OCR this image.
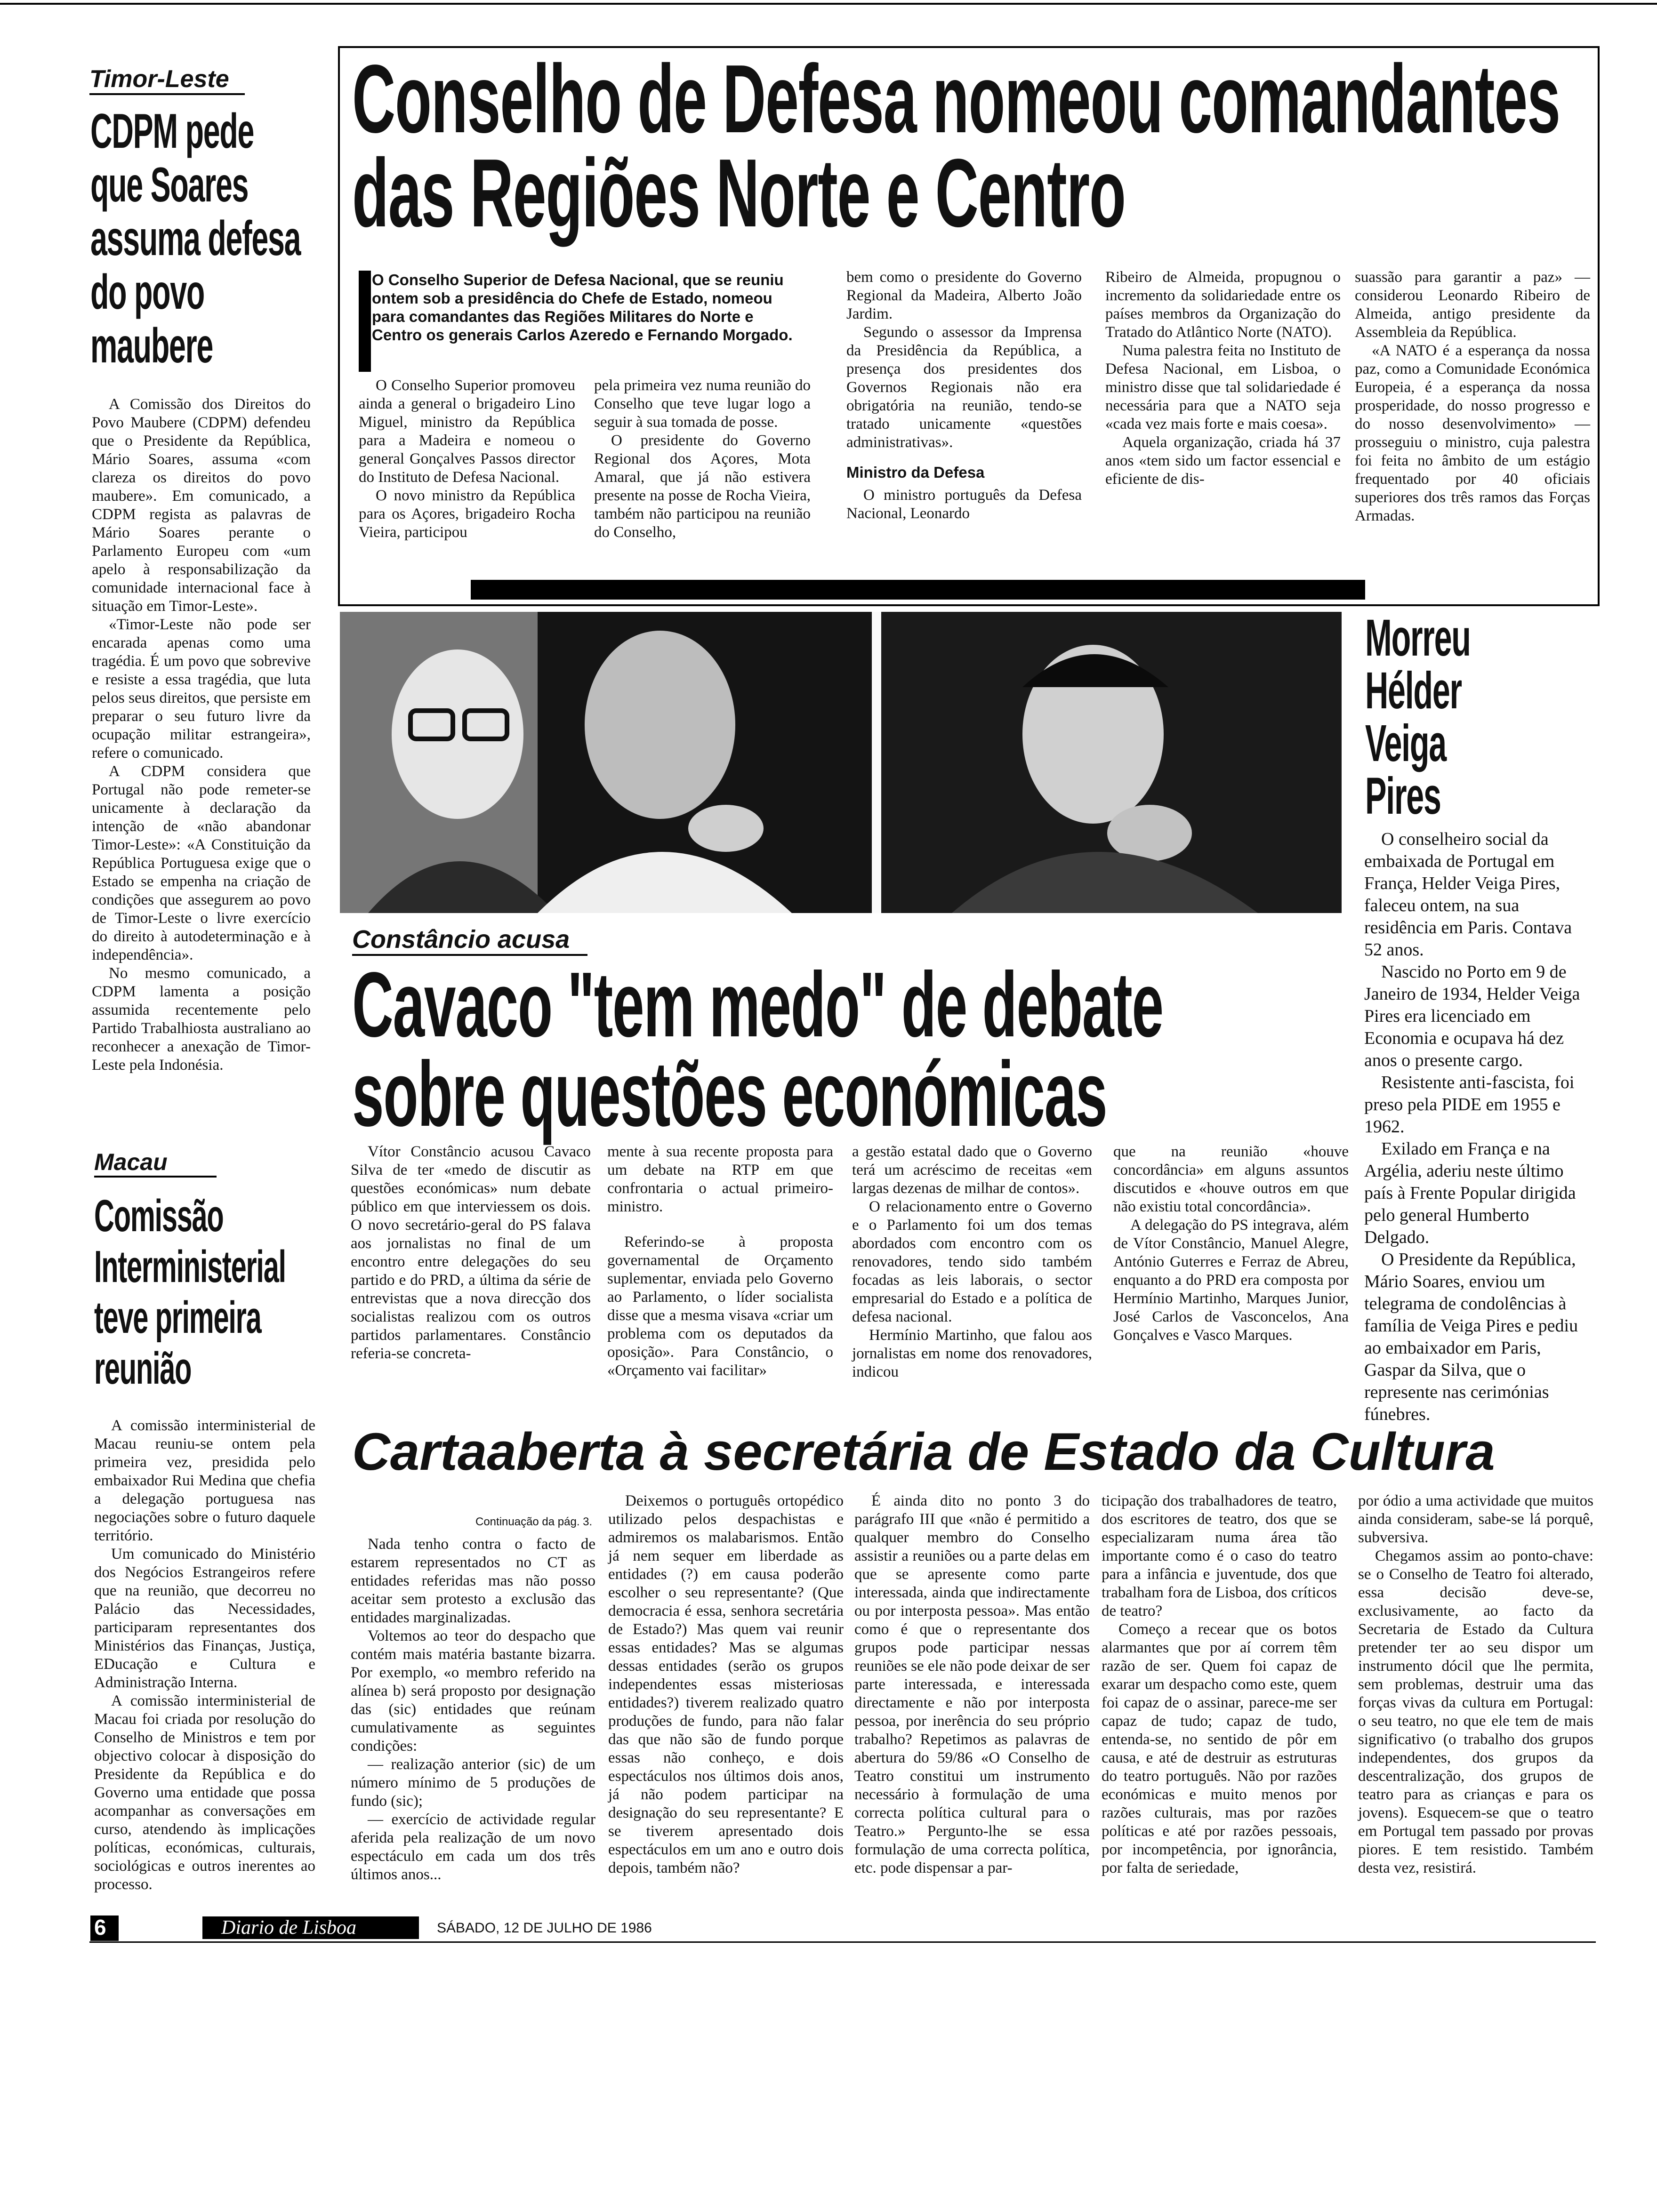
Timor-Leste
CDPM pede
que Soares
assuma defesa
do povo
maubere

A Comissão dos Direitos do Povo Maubere (CDPM) defendeu que o Presidente da República, Mário Soares, assuma «com clareza os direitos do povo maubere». Em comunicado, a CDPM regista as palavras de Mário Soares perante o Parlamento Europeu com «um apelo à responsabilização da comunidade internacional face à situação em Timor-Leste».

«Timor-Leste não pode ser encarada apenas como uma tragédia. É um povo que sobrevive e resiste a essa tragédia, que luta pelos seus direitos, que persiste em preparar o seu futuro livre da ocupação militar estrangeira», refere o comunicado.

A CDPM considera que Portugal não pode remeter-se unicamente à declaração da intenção de «não abandonar Timor-Leste»: «A Constituição da República Portuguesa exige que o Estado se empenha na criação de condições que assegurem ao povo de Timor-Leste o livre exercício do direito à autodeterminação e à independência».

No mesmo comunicado, a CDPM lamenta a posição assumida recentemente pelo Partido Trabalhiosta australiano ao reconhecer a anexação de Timor-Leste pela Indonésia.

Macau
Comissão
Interministerial
teve primeira
reunião

A comissão interministerial de Macau reuniu-se ontem pela primeira vez, presidida pelo embaixador Rui Medina que chefia a delegação portuguesa nas negociações sobre o futuro daquele território.

Um comunicado do Ministério dos Negócios Estrangeiros refere que na reunião, que decorreu no Palácio das Necessidades, participaram representantes dos Ministérios das Finanças, Justiça, EDucação e Cultura e Administração Interna.

A comissão interministerial de Macau foi criada por resolução do Conselho de Ministros e tem por objectivo colocar à disposição do Presidente da República e do Governo uma entidade que possa acompanhar as conversações em curso, atendendo às implicações políticas, económicas, culturais, sociológicas e outros inerentes ao processo.

Conselho de Defesa nomeou comandantes
das Regiões Norte e Centro
O Conselho Superior de Defesa Nacional, que se reuniu ontem sob a presidência do Chefe de Estado, nomeou para comandantes das Regiões Militares do Norte e Centro os generais Carlos Azeredo e Fernando Morgado.

O Conselho Superior promoveu ainda a general o brigadeiro Lino Miguel, ministro da República para a Madeira e nomeou o general Gonçalves Passos director do Instituto de Defesa Nacional.

O novo ministro da República para os Açores, brigadeiro Rocha Vieira, participou

pela primeira vez numa reunião do Conselho que teve lugar logo a seguir à sua tomada de posse.

O presidente do Governo Regional dos Açores, Mota Amaral, que já não estivera presente na posse de Rocha Vieira, também não participou na reunião do Conselho,

bem como o presidente do Governo Regional da Madeira, Alberto João Jardim.

Segundo o assessor da Imprensa da Presidência da República, a presença dos presidentes dos Governos Regionais não era obrigatória na reunião, tendo-se tratado unicamente «questões administrativas».

Ministro da Defesa

O ministro português da Defesa Nacional, Leonardo

Ribeiro de Almeida, propugnou o incremento da solidariedade entre os países membros da Organização do Tratado do Atlântico Norte (NATO).

Numa palestra feita no Instituto de Defesa Nacional, em Lisboa, o ministro disse que tal solidariedade é necessária para que a NATO seja «cada vez mais forte e mais coesa».

Aquela organização, criada há 37 anos «tem sido um factor essencial e eficiente de dis-

suassão para garantir a paz» — considerou Leonardo Ribeiro de Almeida, antigo presidente da Assembleia da República.

«A NATO é a esperança da nossa paz, como a Comunidade Económica Europeia, é a esperança da nossa prosperidade, do nosso progresso e do nosso desenvolvimento» — prosseguiu o ministro, cuja palestra foi feita no âmbito de um estágio frequentado por 40 oficiais superiores dos três ramos das Forças Armadas.

Morreu
Hélder
Veiga
Pires

O conselheiro social da embaixada de Portugal em França, Helder Veiga Pires, faleceu ontem, na sua residência em Paris. Contava 52 anos.

Nascido no Porto em 9 de Janeiro de 1934, Helder Veiga Pires era licenciado em Economia e ocupava há dez anos o presente cargo.

Resistente anti-fascista, foi preso pela PIDE em 1955 e 1962.

Exilado em França e na Argélia, aderiu neste último país à Frente Popular dirigida pelo general Humberto Delgado.

O Presidente da República, Mário Soares, enviou um telegrama de condolências à família de Veiga Pires e pediu ao embaixador em Paris, Gaspar da Silva, que o represente nas cerimónias fúnebres.

Constâncio acusa
Cavaco "tem medo" de debate
sobre questões económicas

Vítor Constâncio acusou Cavaco Silva de ter «medo de discutir as questões económicas» num debate público em que interviessem os dois. O novo secretário-geral do PS falava aos jornalistas no final de um encontro entre delegações do seu partido e do PRD, a última da série de entrevistas que a nova direcção dos socialistas realizou com os outros partidos parlamentares. Constâncio referia-se concreta-

mente à sua recente proposta para um debate na RTP em que confrontaria o actual primeiro-ministro.

Referindo-se à proposta governamental de Orçamento suplementar, enviada pelo Governo ao Parlamento, o líder socialista disse que a mesma visava «criar um problema com os deputados da oposição». Para Constâncio, o «Orçamento vai facilitar»

a gestão estatal dado que o Governo terá um acréscimo de receitas «em largas dezenas de milhar de contos».

O relacionamento entre o Governo e o Parlamento foi um dos temas abordados com encontro com os renovadores, tendo sido também focadas as leis laborais, o sector empresarial do Estado e a política de defesa nacional.

Hermínio Martinho, que falou aos jornalistas em nome dos renovadores, indicou

que na reunião «houve concordância» em alguns assuntos discutidos e «houve outros em que não existiu total concordância».

A delegação do PS integrava, além de Vítor Constâncio, Manuel Alegre, António Guterres e Ferraz de Abreu, enquanto a do PRD era composta por Hermínio Martinho, Marques Junior, José Carlos de Vasconcelos, Ana Gonçalves e Vasco Marques.

Cartaaberta à secretária de Estado da Cultura
Continuação da pág. 3.

Nada tenho contra o facto de estarem representados no CT as entidades referidas mas não posso aceitar sem protesto a exclusão das entidades marginalizadas.

Voltemos ao teor do despacho que contém mais matéria bastante bizarra. Por exemplo, «o membro referido na alínea b) será proposto por designação das (sic) entidades que reúnam cumulativamente as seguintes condições:

— realização anterior (sic) de um número mínimo de 5 produções de fundo (sic);

— exercício de actividade regular aferida pela realização de um novo espectáculo em cada um dos três últimos anos...

Deixemos o português ortopédico utilizado pelos despachistas e admiremos os malabarismos. Então já nem sequer em liberdade as entidades (?) em causa poderão escolher o seu representante? (Que democracia é essa, senhora secretária de Estado?) Mas quem vai reunir essas entidades? Mas se algumas dessas entidades (serão os grupos independentes essas misteriosas entidades?) tiverem realizado quatro produções de fundo, para não falar das que não são de fundo porque essas não conheço, e dois espectáculos nos últimos dois anos, já não podem participar na designação do seu representante? E se tiverem apresentado dois espectáculos em um ano e outro dois depois, também não?

É ainda dito no ponto 3 do parágrafo III que «não é permitido a qualquer membro do Conselho assistir a reuniões ou a parte delas em que se apresente como parte interessada, ainda que indirectamente ou por interposta pessoa». Mas então como é que o representante dos grupos pode participar nessas reuniões se ele não pode deixar de ser parte interessada, e interessada directamente e não por interposta pessoa, por inerência do seu próprio trabalho? Repetimos as palavras de abertura do 59/86 «O Conselho de Teatro constitui um instrumento necessário à formulação de uma correcta política cultural para o Teatro.» Pergunto-lhe se essa formulação de uma correcta política, etc. pode dispensar a par-

ticipação dos trabalhadores de teatro, dos escritores de teatro, dos que se especializaram numa área tão importante como é o caso do teatro para a infância e juventude, dos que trabalham fora de Lisboa, dos críticos de teatro?

Começo a recear que os botos alarmantes que por aí correm têm razão de ser. Quem foi capaz de exarar um despacho como este, quem foi capaz de o assinar, parece-me ser capaz de tudo; capaz de tudo, entenda-se, no sentido de pôr em causa, e até de destruir as estruturas do teatro português. Não por razões económicas e muito menos por razões culturais, mas por razões políticas e até por razões pessoais, por incompetência, por ignorância, por falta de seriedade,

por ódio a uma actividade que muitos ainda consideram, sabe-se lá porquê, subversiva.

Chegamos assim ao ponto-chave: se o Conselho de Teatro foi alterado, essa decisão deve-se, exclusivamente, ao facto da Secretaria de Estado da Cultura pretender ter ao seu dispor um instrumento dócil que lhe permita, sem problemas, destruir uma das forças vivas da cultura em Portugal: o seu teatro, no que ele tem de mais significativo (o trabalho dos grupos independentes, dos grupos da descentralização, dos grupos de teatro para as crianças e para os jovens). Esquecem-se que o teatro em Portugal tem passado por provas piores. E tem resistido. Também desta vez, resistirá.

6	Diario de Lisboa	SÁBADO, 12 DE JULHO DE 1986
